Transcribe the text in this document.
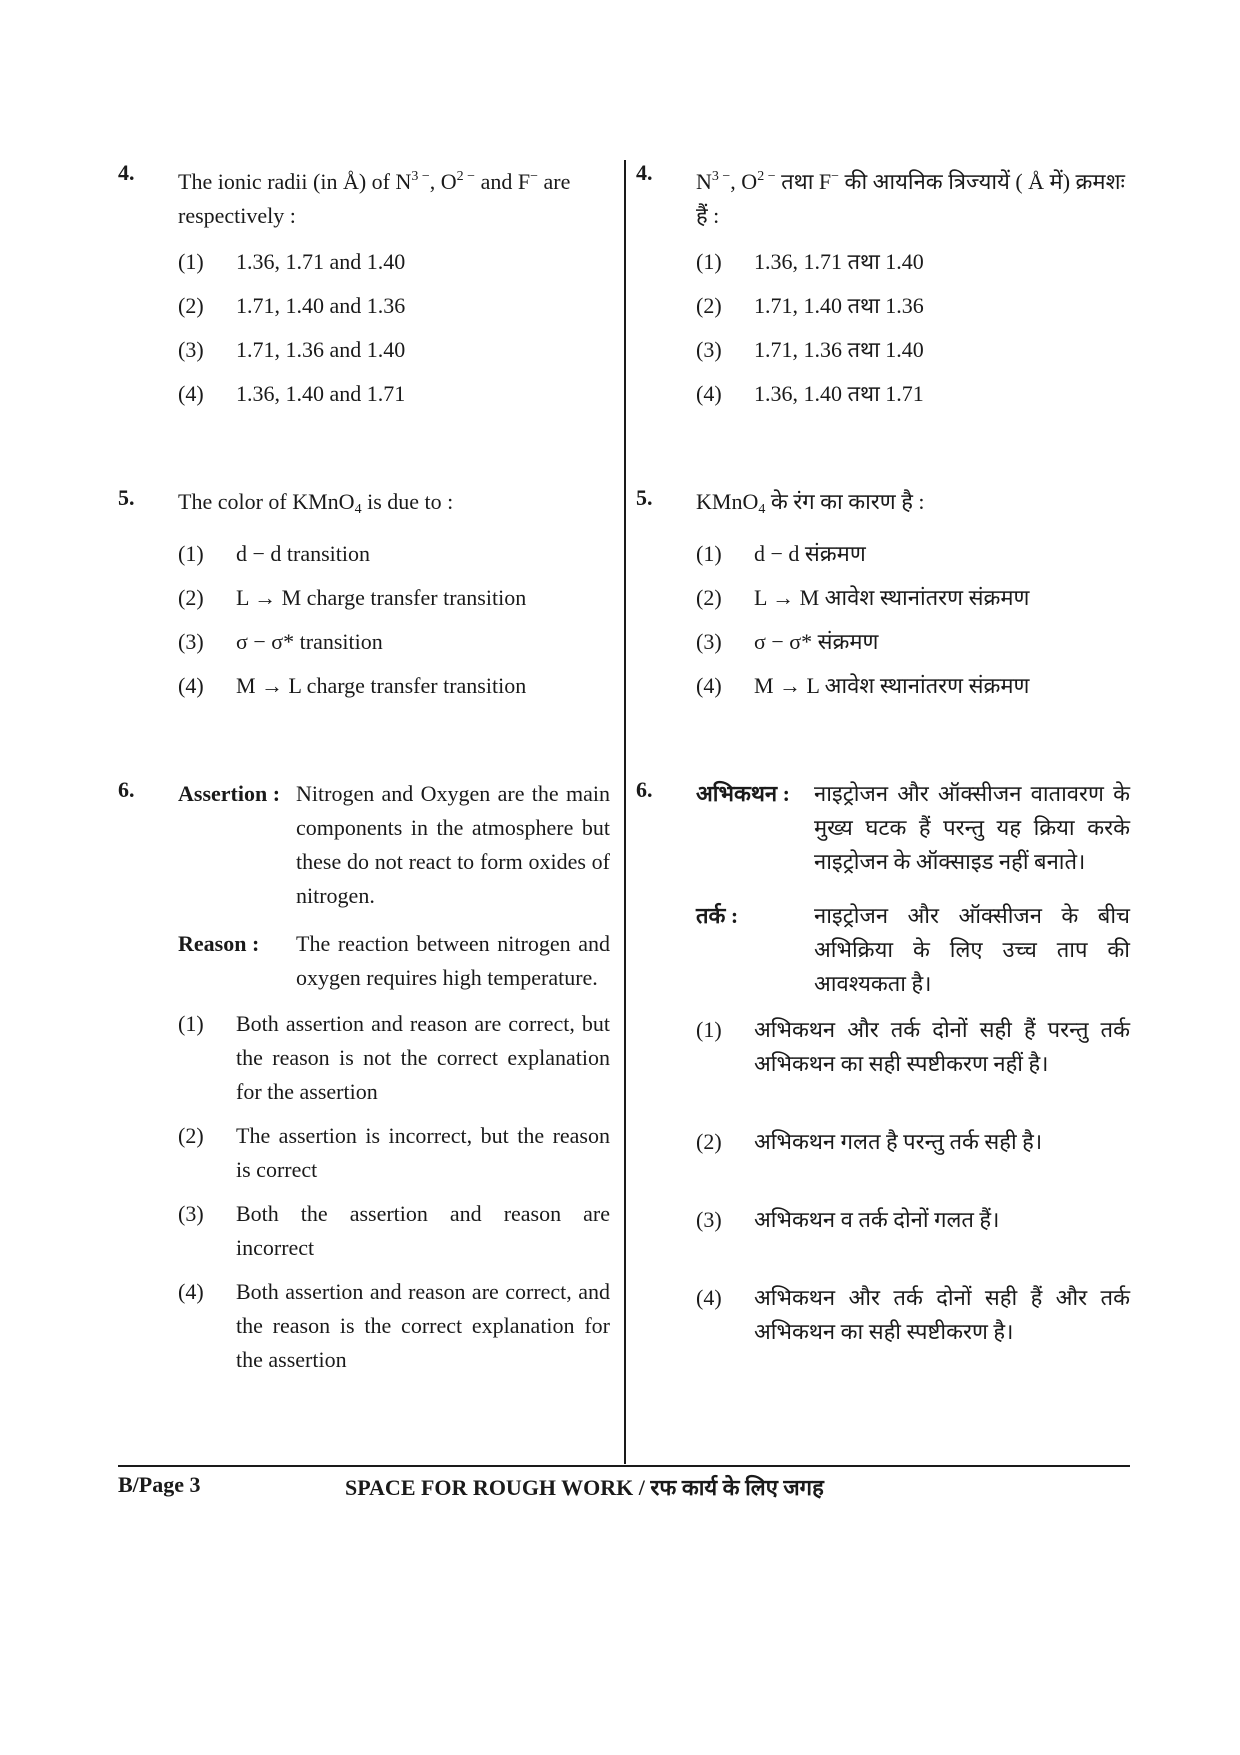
4.	The ionic radii (in Å) of $N^{3 -}$, $O^{2 -}$ and F− are respectively :
(1) 1.36, 1.71 and 1.40
(2) 1.71, 1.40 and 1.36
(3) 1.71, 1.36 and 1.40
(4) 1.36, 1.40 and 1.71
5.	The color of KMnO$_4$ is due to :
(1) d − d transition
(2) L → M charge transfer transition
(3) σ − σ* transition
(4) M → L charge transfer transition
6.	Assertion : Nitrogen and Oxygen are the main components in the atmosphere but these do not react to form oxides of nitrogen.
Reason : The reaction between nitrogen and oxygen requires high temperature.
(1) Both assertion and reason are correct, but the reason is not the correct explanation for the assertion
(2) The assertion is incorrect, but the reason is correct
(3) Both the assertion and reason are incorrect
(4) Both assertion and reason are correct, and the reason is the correct explanation for the assertion
4.	$N^{3 -}$, $O^{2 -}$ तथा F− की आयनिक त्रिज्यायें ( Å में) क्रमशः हैं :
(1) 1.36, 1.71 तथा 1.40
(2) 1.71, 1.40 तथा 1.36
(3) 1.71, 1.36 तथा 1.40
(4) 1.36, 1.40 तथा 1.71
5.	KMnO$_4$ के रंग का कारण है :
(1) d − d संक्रमण
(2) L → M आवेश स्थानांतरण संक्रमण
(3) σ − σ* संक्रमण
(4) M → L आवेश स्थानांतरण संक्रमण
6.	अभिकथन : नाइट्रोजन और ऑक्सीजन वातावरण के मुख्य घटक हैं परन्तु यह क्रिया करके नाइट्रोजन के ऑक्साइड नहीं बनाते।
तर्क :	नाइट्रोजन और ऑक्सीजन के बीच अभिक्रिया के लिए उच्च ताप की आवश्यकता है।
(1) अभिकथन और तर्क दोनों सही हैं परन्तु तर्क अभिकथन का सही स्पष्टीकरण नहीं है।
(2) अभिकथन गलत है परन्तु तर्क सही है।
(3) अभिकथन व तर्क दोनों गलत हैं।
(4) अभिकथन और तर्क दोनों सही हैं और तर्क अभिकथन का सही स्पष्टीकरण है।
B/Page 3	SPACE FOR ROUGH WORK / रफ कार्य के लिए जगह
